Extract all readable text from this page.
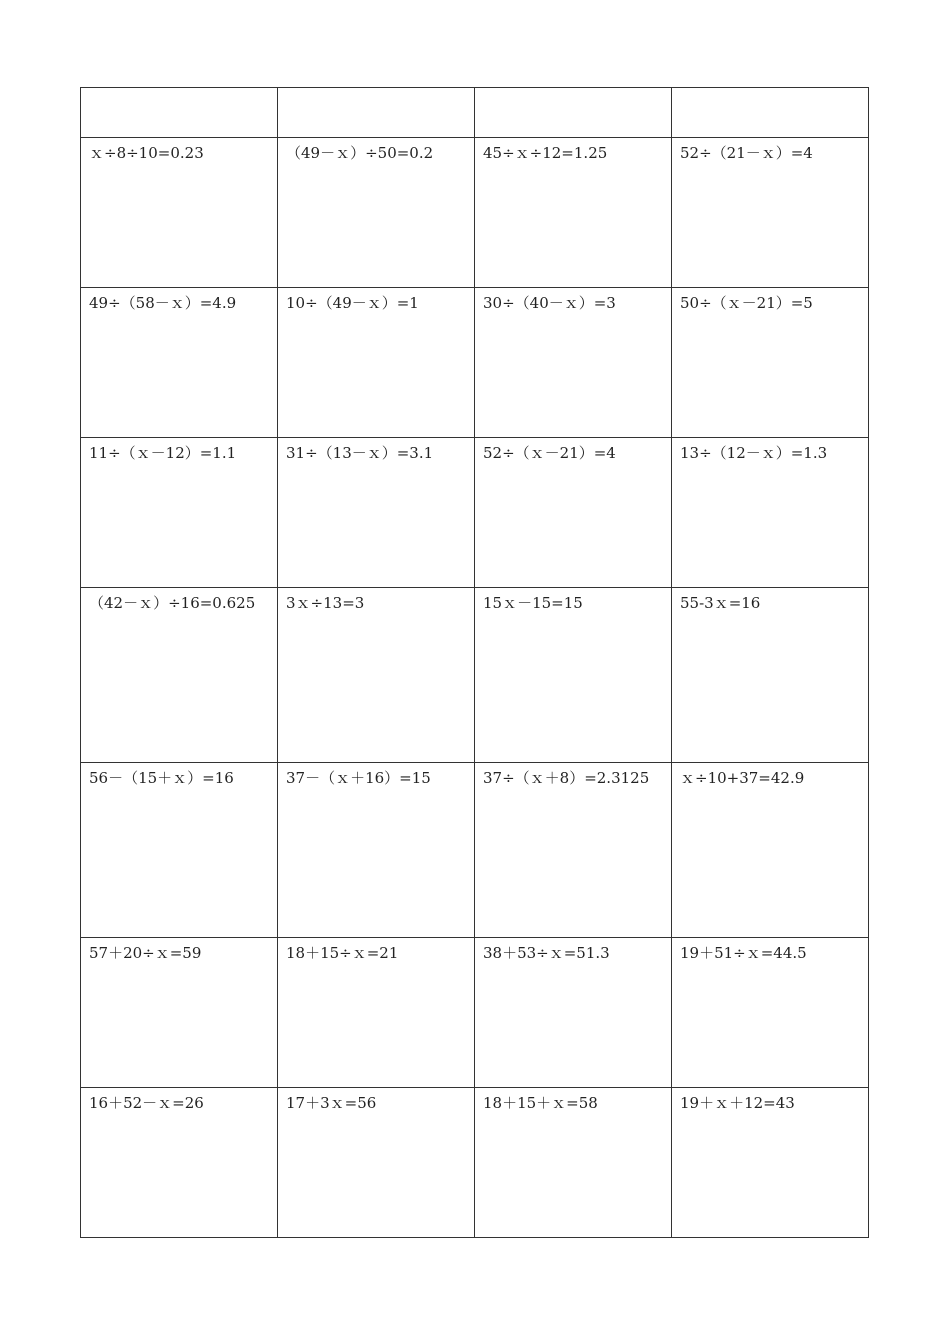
ｘ÷8÷10=0.23	（49－ｘ）÷50=0.2	45÷ｘ÷12=1.25	52÷（21－ｘ）=4
49÷（58－ｘ）=4.9	10÷（49－ｘ）=1	30÷（40－ｘ）=3	50÷（ｘ－21）=5
11÷（ｘ－12）=1.1	31÷（13－ｘ）=3.1	52÷（ｘ－21）=4	13÷（12－ｘ）=1.3
（42－ｘ）÷16=0.625	3ｘ÷13=3	15ｘ－15=15	55-3ｘ=16
56－（15＋ｘ）=16	37－（ｘ＋16）=15	37÷（ｘ＋8）=2.3125	ｘ÷10+37=42.9
57＋20÷ｘ=59	18＋15÷ｘ=21	38＋53÷ｘ=51.3	19＋51÷ｘ=44.5
16＋52－ｘ=26	17＋3ｘ=56	18＋15＋ｘ=58	19＋ｘ＋12=43
